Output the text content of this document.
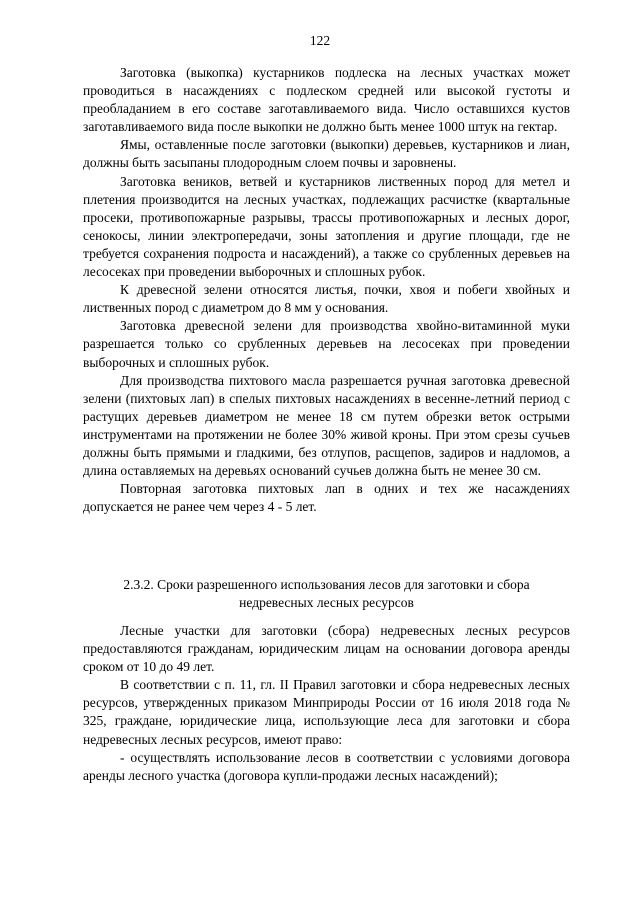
122

Заготовка (выкопка) кустарников подлеска на лесных участках может проводиться в насаждениях с подлеском средней или высокой густоты и преобладанием в его составе заготавливаемого вида. Число оставшихся кустов заготавливаемого вида после выкопки не должно быть менее 1000 штук на гектар.

Ямы, оставленные после заготовки (выкопки) деревьев, кустарников и лиан, должны быть засыпаны плодородным слоем почвы и заровнены.

Заготовка веников, ветвей и кустарников лиственных пород для метел и плетения производится на лесных участках, подлежащих расчистке (квартальные просеки, противопожарные разрывы, трассы противопожарных и лесных дорог, сенокосы, линии электропередачи, зоны затопления и другие площади, где не требуется сохранения подроста и насаждений), а также со срубленных деревьев на лесосеках при проведении выборочных и сплошных рубок.

К древесной зелени относятся листья, почки, хвоя и побеги хвойных и лиственных пород с диаметром до 8 мм у основания.

Заготовка древесной зелени для производства хвойно-витаминной муки разрешается только со срубленных деревьев на лесосеках при проведении выборочных и сплошных рубок.

Для производства пихтового масла разрешается ручная заготовка древесной зелени (пихтовых лап) в спелых пихтовых насаждениях в весенне-летний период с растущих деревьев диаметром не менее 18 см путем обрезки веток острыми инструментами на протяжении не более 30% живой кроны. При этом срезы сучьев должны быть прямыми и гладкими, без отлупов, расщепов, задиров и надломов, а длина оставляемых на деревьях оснований сучьев должна быть не менее 30 см.

Повторная заготовка пихтовых лап в одних и тех же насаждениях допускается не ранее чем через 4 - 5 лет.

2.3.2. Сроки разрешенного использования лесов для заготовки и сбора
недревесных лесных ресурсов

Лесные участки для заготовки (сбора) недревесных лесных ресурсов предоставляются гражданам, юридическим лицам на основании договора аренды сроком от 10 до 49 лет.

В соответствии с п. 11, гл. II Правил заготовки и сбора недревесных лесных ресурсов, утвержденных приказом Минприроды России от 16 июля 2018 года № 325, граждане, юридические лица, использующие леса для заготовки и сбора недревесных лесных ресурсов, имеют право:

- осуществлять использование лесов в соответствии с условиями договора аренды лесного участка (договора купли-продажи лесных насаждений);
